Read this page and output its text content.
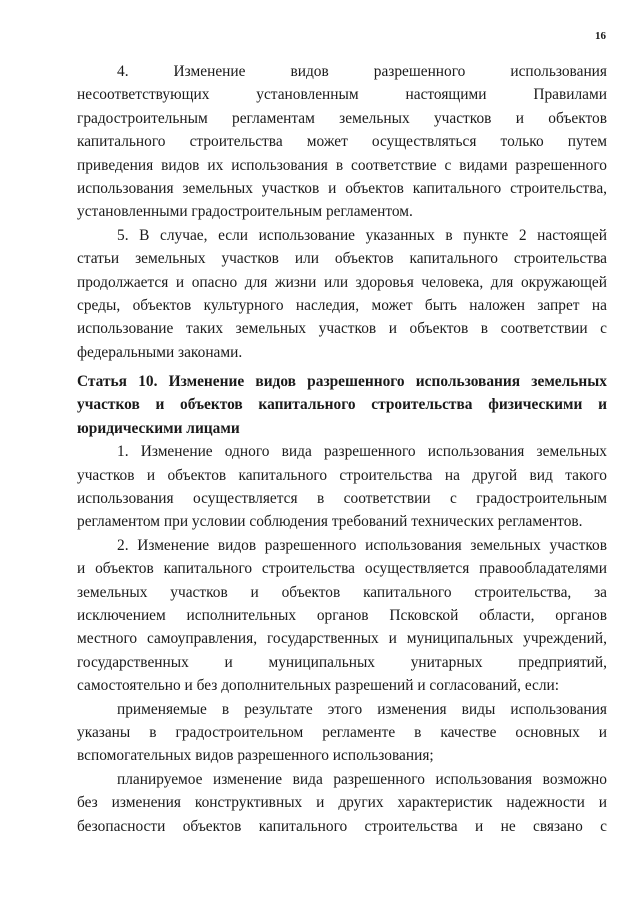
16
4. Изменение видов разрешенного использования
несоответствующих установленным настоящими Правилами
градостроительным регламентам земельных участков и объектов
капитального строительства может осуществляться только путем
приведения видов их использования в соответствие с видами разрешенного
использования земельных участков и объектов капитального строительства,
установленными градостроительным регламентом.
5. В случае, если использование указанных в пункте 2 настоящей
статьи земельных участков или объектов капитального строительства
продолжается и опасно для жизни или здоровья человека, для окружающей
среды, объектов культурного наследия, может быть наложен запрет на
использование таких земельных участков и объектов в соответствии с
федеральными законами.
Статья 10. Изменение видов разрешенного использования земельных
участков и объектов капитального строительства физическими и
юридическими лицами
1. Изменение одного вида разрешенного использования земельных
участков и объектов капитального строительства на другой вид такого
использования осуществляется в соответствии с градостроительным
регламентом при условии соблюдения требований технических регламентов.
2. Изменение видов разрешенного использования земельных участков
и объектов капитального строительства осуществляется правообладателями
земельных участков и объектов капитального строительства, за
исключением исполнительных органов Псковской области, органов
местного самоуправления, государственных и муниципальных учреждений,
государственных и муниципальных унитарных предприятий,
самостоятельно и без дополнительных разрешений и согласований, если:
применяемые в результате этого изменения виды использования
указаны в градостроительном регламенте в качестве основных и
вспомогательных видов разрешенного использования;
планируемое изменение вида разрешенного использования возможно
без изменения конструктивных и других характеристик надежности и
безопасности объектов капитального строительства и не связано с
